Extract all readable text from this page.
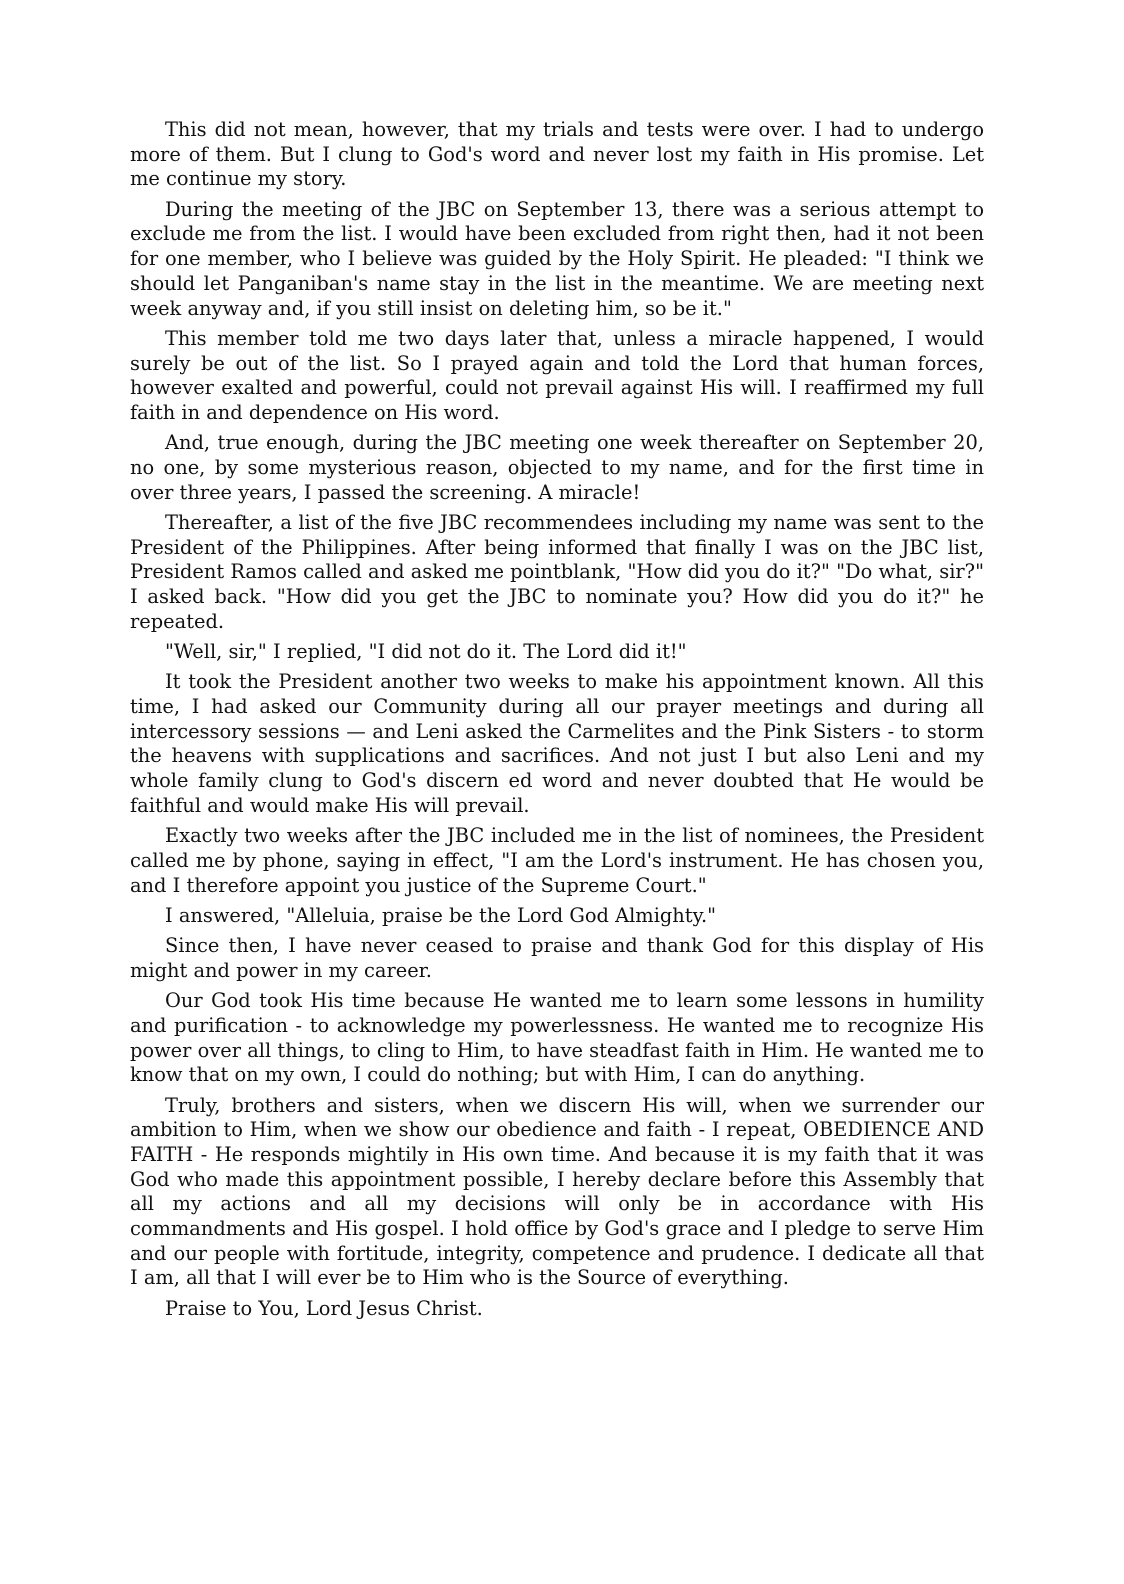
This did not mean, however, that my trials and tests were over. I had to undergo more of them. But I clung to God's word and never lost my faith in His promise. Let me continue my story.

During the meeting of the JBC on September 13, there was a serious attempt to exclude me from the list. I would have been excluded from right then, had it not been for one member, who I believe was guided by the Holy Spirit. He pleaded: "I think we should let Panganiban's name stay in the list in the meantime. We are meeting next week anyway and, if you still insist on deleting him, so be it."

This member told me two days later that, unless a miracle happened, I would surely be out of the list. So I prayed again and told the Lord that human forces, however exalted and powerful, could not prevail against His will. I reaffirmed my full faith in and dependence on His word.

And, true enough, during the JBC meeting one week thereafter on September 20, no one, by some mysterious reason, objected to my name, and for the first time in over three years, I passed the screening. A miracle!

Thereafter, a list of the five JBC recommendees including my name was sent to the President of the Philippines. After being informed that finally I was on the JBC list, President Ramos called and asked me pointblank, "How did you do it?" "Do what, sir?" I asked back. "How did you get the JBC to nominate you? How did you do it?" he repeated.

"Well, sir," I replied, "I did not do it. The Lord did it!"

It took the President another two weeks to make his appointment known. All this time, I had asked our Community during all our prayer meetings and during all intercessory sessions — and Leni asked the Carmelites and the Pink Sisters - to storm the heavens with supplications and sacrifices. And not just I but also Leni and my whole family clung to God's discern ed word and never doubted that He would be faithful and would make His will prevail.

Exactly two weeks after the JBC included me in the list of nominees, the President called me by phone, saying in effect, "I am the Lord's instrument. He has chosen you, and I therefore appoint you justice of the Supreme Court."

I answered, "Alleluia, praise be the Lord God Almighty."

Since then, I have never ceased to praise and thank God for this display of His might and power in my career.

Our God took His time because He wanted me to learn some lessons in humility and purification - to acknowledge my powerlessness. He wanted me to recognize His power over all things, to cling to Him, to have steadfast faith in Him. He wanted me to know that on my own, I could do nothing; but with Him, I can do anything.

Truly, brothers and sisters, when we discern His will, when we surrender our ambition to Him, when we show our obedience and faith - I repeat, OBEDIENCE AND FAITH - He responds mightily in His own time. And because it is my faith that it was God who made this appointment possible, I hereby declare before this Assembly that all my actions and all my decisions will only be in accordance with His commandments and His gospel. I hold office by God's grace and I pledge to serve Him and our people with fortitude, integrity, competence and prudence. I dedicate all that I am, all that I will ever be to Him who is the Source of everything.

Praise to You, Lord Jesus Christ.
